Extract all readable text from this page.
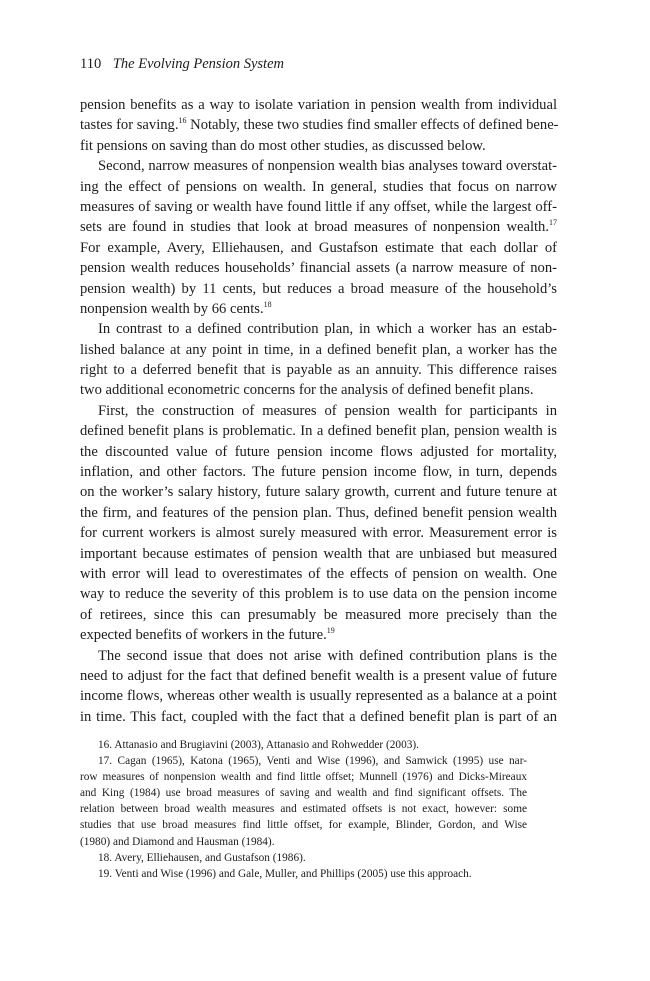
110 The Evolving Pension System
pension benefits as a way to isolate variation in pension wealth from individual
tastes for saving.$^{16}$ Notably, these two studies find smaller effects of defined bene-
fit pensions on saving than do most other studies, as discussed below.
Second, narrow measures of nonpension wealth bias analyses toward overstat-
ing the effect of pensions on wealth. In general, studies that focus on narrow
measures of saving or wealth have found little if any offset, while the largest off-
sets are found in studies that look at broad measures of nonpension wealth.$^{17}$
For example, Avery, Elliehausen, and Gustafson estimate that each dollar of
pension wealth reduces households’ financial assets (a narrow measure of non-
pension wealth) by 11 cents, but reduces a broad measure of the household’s
nonpension wealth by 66 cents.$^{18}$
In contrast to a defined contribution plan, in which a worker has an estab-
lished balance at any point in time, in a defined benefit plan, a worker has the
right to a deferred benefit that is payable as an annuity. This difference raises
two additional econometric concerns for the analysis of defined benefit plans.
First, the construction of measures of pension wealth for participants in
defined benefit plans is problematic. In a defined benefit plan, pension wealth is
the discounted value of future pension income flows adjusted for mortality,
inflation, and other factors. The future pension income flow, in turn, depends
on the worker’s salary history, future salary growth, current and future tenure at
the firm, and features of the pension plan. Thus, defined benefit pension wealth
for current workers is almost surely measured with error. Measurement error is
important because estimates of pension wealth that are unbiased but measured
with error will lead to overestimates of the effects of pension on wealth. One
way to reduce the severity of this problem is to use data on the pension income
of retirees, since this can presumably be measured more precisely than the
expected benefits of workers in the future.$^{19}$
The second issue that does not arise with defined contribution plans is the
need to adjust for the fact that defined benefit wealth is a present value of future
income flows, whereas other wealth is usually represented as a balance at a point
in time. This fact, coupled with the fact that a defined benefit plan is part of an
16. Attanasio and Brugiavini (2003), Attanasio and Rohwedder (2003).
17. Cagan (1965), Katona (1965), Venti and Wise (1996), and Samwick (1995) use nar-
row measures of nonpension wealth and find little offset; Munnell (1976) and Dicks-Mireaux
and King (1984) use broad measures of saving and wealth and find significant offsets. The
relation between broad wealth measures and estimated offsets is not exact, however: some
studies that use broad measures find little offset, for example, Blinder, Gordon, and Wise
(1980) and Diamond and Hausman (1984).
18. Avery, Elliehausen, and Gustafson (1986).
19. Venti and Wise (1996) and Gale, Muller, and Phillips (2005) use this approach.
